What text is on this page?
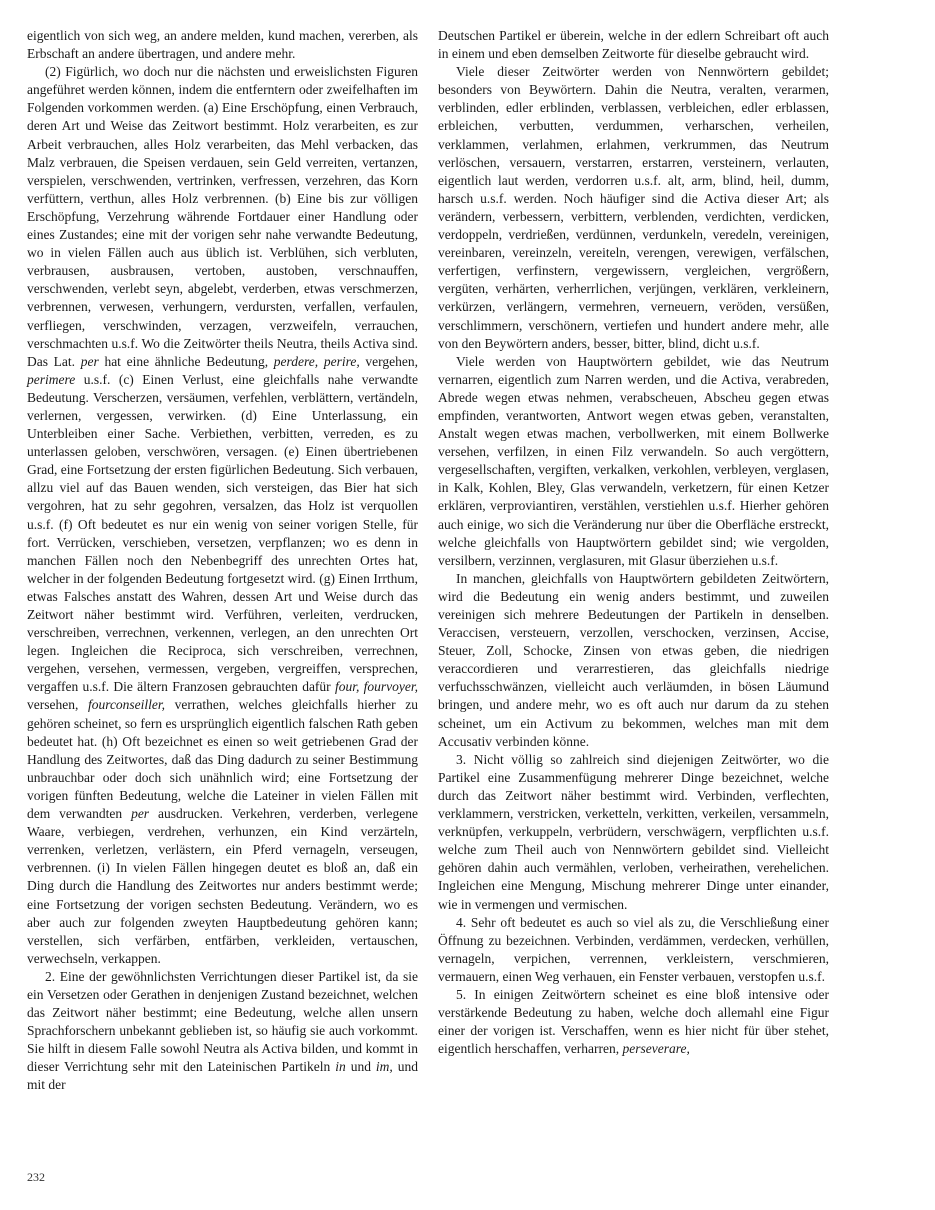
eigentlich von sich weg, an andere melden, kund machen, vererben, als Erbschaft an andere übertragen, und andere mehr.

(2) Figürlich, wo doch nur die nächsten und erweislichsten Figuren angeführet werden können, indem die entferntern oder zweifelhaften im Folgenden vorkommen werden. (a) Eine Erschöpfung, einen Verbrauch, deren Art und Weise das Zeitwort bestimmt. Holz verarbeiten, es zur Arbeit verbrauchen, alles Holz verarbeiten, das Mehl verbacken, das Malz verbrauen, die Speisen verdauen, sein Geld verreiten, vertanzen, verspielen, verschwenden, vertrinken, verfressen, verzehren, das Korn verfüttern, verthun, alles Holz verbrennen. (b) Eine bis zur völligen Erschöpfung, Verzehrung währende Fortdauer einer Handlung oder eines Zustandes; eine mit der vorigen sehr nahe verwandte Bedeutung, wo in vielen Fällen auch aus üblich ist. Verblühen, sich verbluten, verbrausen, ausbrausen, vertoben, austoben, verschnauffen, verschwenden, verlebt seyn, abgelebt, verderben, etwas verschmerzen, verbrennen, verwesen, verhungern, verdursten, verfallen, verfaulen, verfliegen, verschwinden, verzagen, verzweifeln, verrauchen, verschmachten u.s.f. Wo die Zeitwörter theils Neutra, theils Activa sind. Das Lat. per hat eine ähnliche Bedeutung, perdere, perire, vergehen, perimere u.s.f. (c) Einen Verlust, eine gleichfalls nahe verwandte Bedeutung. Verscherzen, versäumen, verfehlen, verblättern, vertändeln, verlernen, vergessen, verwirken. (d) Eine Unterlassung, ein Unterbleiben einer Sache. Verbiethen, verbitten, verreden, es zu unterlassen geloben, verschwören, versagen. (e) Einen übertriebenen Grad, eine Fortsetzung der ersten figürlichen Bedeutung. Sich verbauen, allzu viel auf das Bauen wenden, sich versteigen, das Bier hat sich vergohren, hat zu sehr gegohren, versalzen, das Holz ist verquollen u.s.f. (f) Oft bedeutet es nur ein wenig von seiner vorigen Stelle, für fort. Verrücken, verschieben, versetzen, verpflanzen; wo es denn in manchen Fällen noch den Nebenbegriff des unrechten Ortes hat, welcher in der folgenden Bedeutung fortgesetzt wird. (g) Einen Irrthum, etwas Falsches anstatt des Wahren, dessen Art und Weise durch das Zeitwort näher bestimmt wird. Verführen, verleiten, verdrucken, verschreiben, verrechnen, verkennen, verlegen, an den unrechten Ort legen. Ingleichen die Reciproca, sich verschreiben, verrechnen, vergehen, versehen, vermessen, vergeben, vergreiffen, versprechen, vergaffen u.s.f. Die ältern Franzosen gebrauchten dafür four, fourvoyer, versehen, fourconseiller, verrathen, welches gleichfalls hierher zu gehören scheinet, so fern es ursprünglich eigentlich falschen Rath geben bedeutet hat. (h) Oft bezeichnet es einen so weit getriebenen Grad der Handlung des Zeitwortes, daß das Ding dadurch zu seiner Bestimmung unbrauchbar oder doch sich unähnlich wird; eine Fortsetzung der vorigen fünften Bedeutung, welche die Lateiner in vielen Fällen mit dem verwandten per ausdrucken. Verkehren, verderben, verlegene Waare, verbiegen, verdrehen, verhunzen, ein Kind verzärteln, verrenken, verletzen, verlästern, ein Pferd vernageln, verseugen, verbrennen. (i) In vielen Fällen hingegen deutet es bloß an, daß ein Ding durch die Handlung des Zeitwortes nur anders bestimmt werde; eine Fortsetzung der vorigen sechsten Bedeutung. Verändern, wo es aber auch zur folgenden zweyten Hauptbedeutung gehören kann; verstellen, sich verfärben, entfärben, verkleiden, vertauschen, verwechseln, verkappen.

2. Eine der gewöhnlichsten Verrichtungen dieser Partikel ist, da sie ein Versetzen oder Gerathen in denjenigen Zustand bezeichnet, welchen das Zeitwort näher bestimmt; eine Bedeutung, welche allen unsern Sprachforschern unbekannt geblieben ist, so häufig sie auch vorkommt. Sie hilft in diesem Falle sowohl Neutra als Activa bilden, und kommt in dieser Verrichtung sehr mit den Lateinischen Partikeln in und im, und mit der

Deutschen Partikel er überein, welche in der edlern Schreibart oft auch in einem und eben demselben Zeitworte für dieselbe gebraucht wird.

Viele dieser Zeitwörter werden von Nennwörtern gebildet; besonders von Beywörtern. Dahin die Neutra, veralten, verarmen, verblinden, edler erblinden, verblassen, verbleichen, edler erblassen, erbleichen, verbutten, verdummen, verharschen, verheilen, verklammen, verlahmen, erlahmen, verkrummen, das Neutrum verlöschen, versauern, verstarren, erstarren, versteinern, verlauten, eigentlich laut werden, verdorren u.s.f. alt, arm, blind, heil, dumm, harsch u.s.f. werden. Noch häufiger sind die Activa dieser Art; als verändern, verbessern, verbittern, verblenden, verdichten, verdicken, verdoppeln, verdrießen, verdünnen, verdunkeln, veredeln, vereinigen, vereinbaren, vereinzeln, vereiteln, verengen, verewigen, verfälschen, verfertigen, verfinstern, vergewissern, vergleichen, vergrößern, vergüten, verhärten, verherrlichen, verjüngen, verklären, verkleinern, verkürzen, verlängern, vermehren, verneuern, veröden, versüßen, verschlimmern, verschönern, vertiefen und hundert andere mehr, alle von den Beywörtern anders, besser, bitter, blind, dicht u.s.f.

Viele werden von Hauptwörtern gebildet, wie das Neutrum vernarren, eigentlich zum Narren werden, und die Activa, verabreden, Abrede wegen etwas nehmen, verabscheuen, Abscheu gegen etwas empfinden, verantworten, Antwort wegen etwas geben, veranstalten, Anstalt wegen etwas machen, verbollwerken, mit einem Bollwerke versehen, verfilzen, in einen Filz verwandeln. So auch vergöttern, vergesellschaften, vergiften, verkalken, verkohlen, verbleyen, verglasen, in Kalk, Kohlen, Bley, Glas verwandeln, verketzern, für einen Ketzer erklären, verproviantiren, verstählen, verstiehlen u.s.f. Hierher gehören auch einige, wo sich die Veränderung nur über die Oberfläche erstreckt, welche gleichfalls von Hauptwörtern gebildet sind; wie vergolden, versilbern, verzinnen, verglasuren, mit Glasur überziehen u.s.f.

In manchen, gleichfalls von Hauptwörtern gebildeten Zeitwörtern, wird die Bedeutung ein wenig anders bestimmt, und zuweilen vereinigen sich mehrere Bedeutungen der Partikeln in denselben. Veraccisen, versteuern, verzollen, verschocken, verzinsen, Accise, Steuer, Zoll, Schocke, Zinsen von etwas geben, die niedrigen veraccordieren und verarrestieren, das gleichfalls niedrige verfuchsschwänzen, vielleicht auch verläumden, in bösen Läumund bringen, und andere mehr, wo es oft auch nur darum da zu stehen scheinet, um ein Activum zu bekommen, welches man mit dem Accusativ verbinden könne.

3. Nicht völlig so zahlreich sind diejenigen Zeitwörter, wo die Partikel eine Zusammenfügung mehrerer Dinge bezeichnet, welche durch das Zeitwort näher bestimmt wird. Verbinden, verflechten, verklammern, verstricken, verketteln, verkitten, verkeilen, versammeln, verknüpfen, verkuppeln, verbrüdern, verschwägern, verpflichten u.s.f. welche zum Theil auch von Nennwörtern gebildet sind. Vielleicht gehören dahin auch vermählen, verloben, verheirathen, verehelichen. Ingleichen eine Mengung, Mischung mehrerer Dinge unter einander, wie in vermengen und vermischen.

4. Sehr oft bedeutet es auch so viel als zu, die Verschließung einer Öffnung zu bezeichnen. Verbinden, verdämmen, verdecken, verhüllen, vernageln, verpichen, verrennen, verkleistern, verschmieren, vermauern, einen Weg verhauen, ein Fenster verbauen, verstopfen u.s.f.

5. In einigen Zeitwörtern scheinet es eine bloß intensive oder verstärkende Bedeutung zu haben, welche doch allemahl eine Figur einer der vorigen ist. Verschaffen, wenn es hier nicht für über stehet, eigentlich herschaffen, verharren, perseverare,

232
